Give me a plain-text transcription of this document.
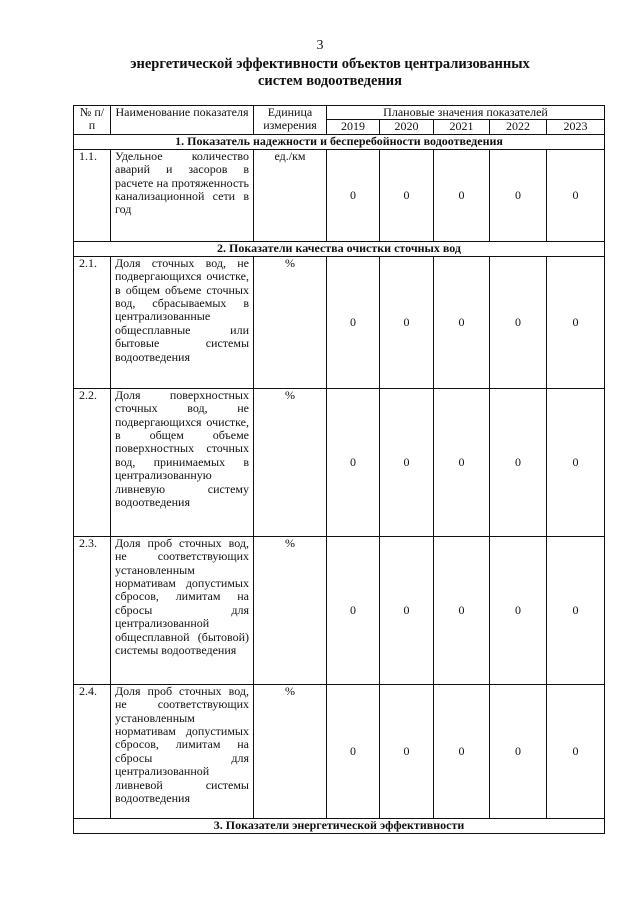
3
энергетической эффективности объектов централизованных
систем водоотведения
№ п/п	Наименование показателя	Единица измерения	Плановые значения показателей				
			2019	2020	2021	2022	2023
1. Показатель надежности и бесперебойности водоотведения							
1.1.	Удельное количество аварий и засоров в расчете на протяженность канализационной сети в год	ед./км	0	0	0	0	0
2. Показатели качества очистки сточных вод							
2.1.	Доля сточных вод, не подвергающихся очистке, в общем объеме сточных вод, сбрасываемых в централизованные общесплавные или бытовые системы водоотведения	%	0	0	0	0	0
2.2.	Доля поверхностных сточных вод, не подвергающихся очистке, в общем объеме поверхностных сточных вод, принимаемых в централизованную ливневую систему водоотведения	%	0	0	0	0	0
2.3.	Доля проб сточных вод, не соответствующих установленным нормативам допустимых сбросов, лимитам на сбросы для централизованной общесплавной (бытовой) системы водоотведения	%	0	0	0	0	0
2.4.	Доля проб сточных вод, не соответствующих установленным нормативам допустимых сбросов, лимитам на сбросы для централизованной ливневой системы водоотведения	%	0	0	0	0	0
3. Показатели энергетической эффективности							
